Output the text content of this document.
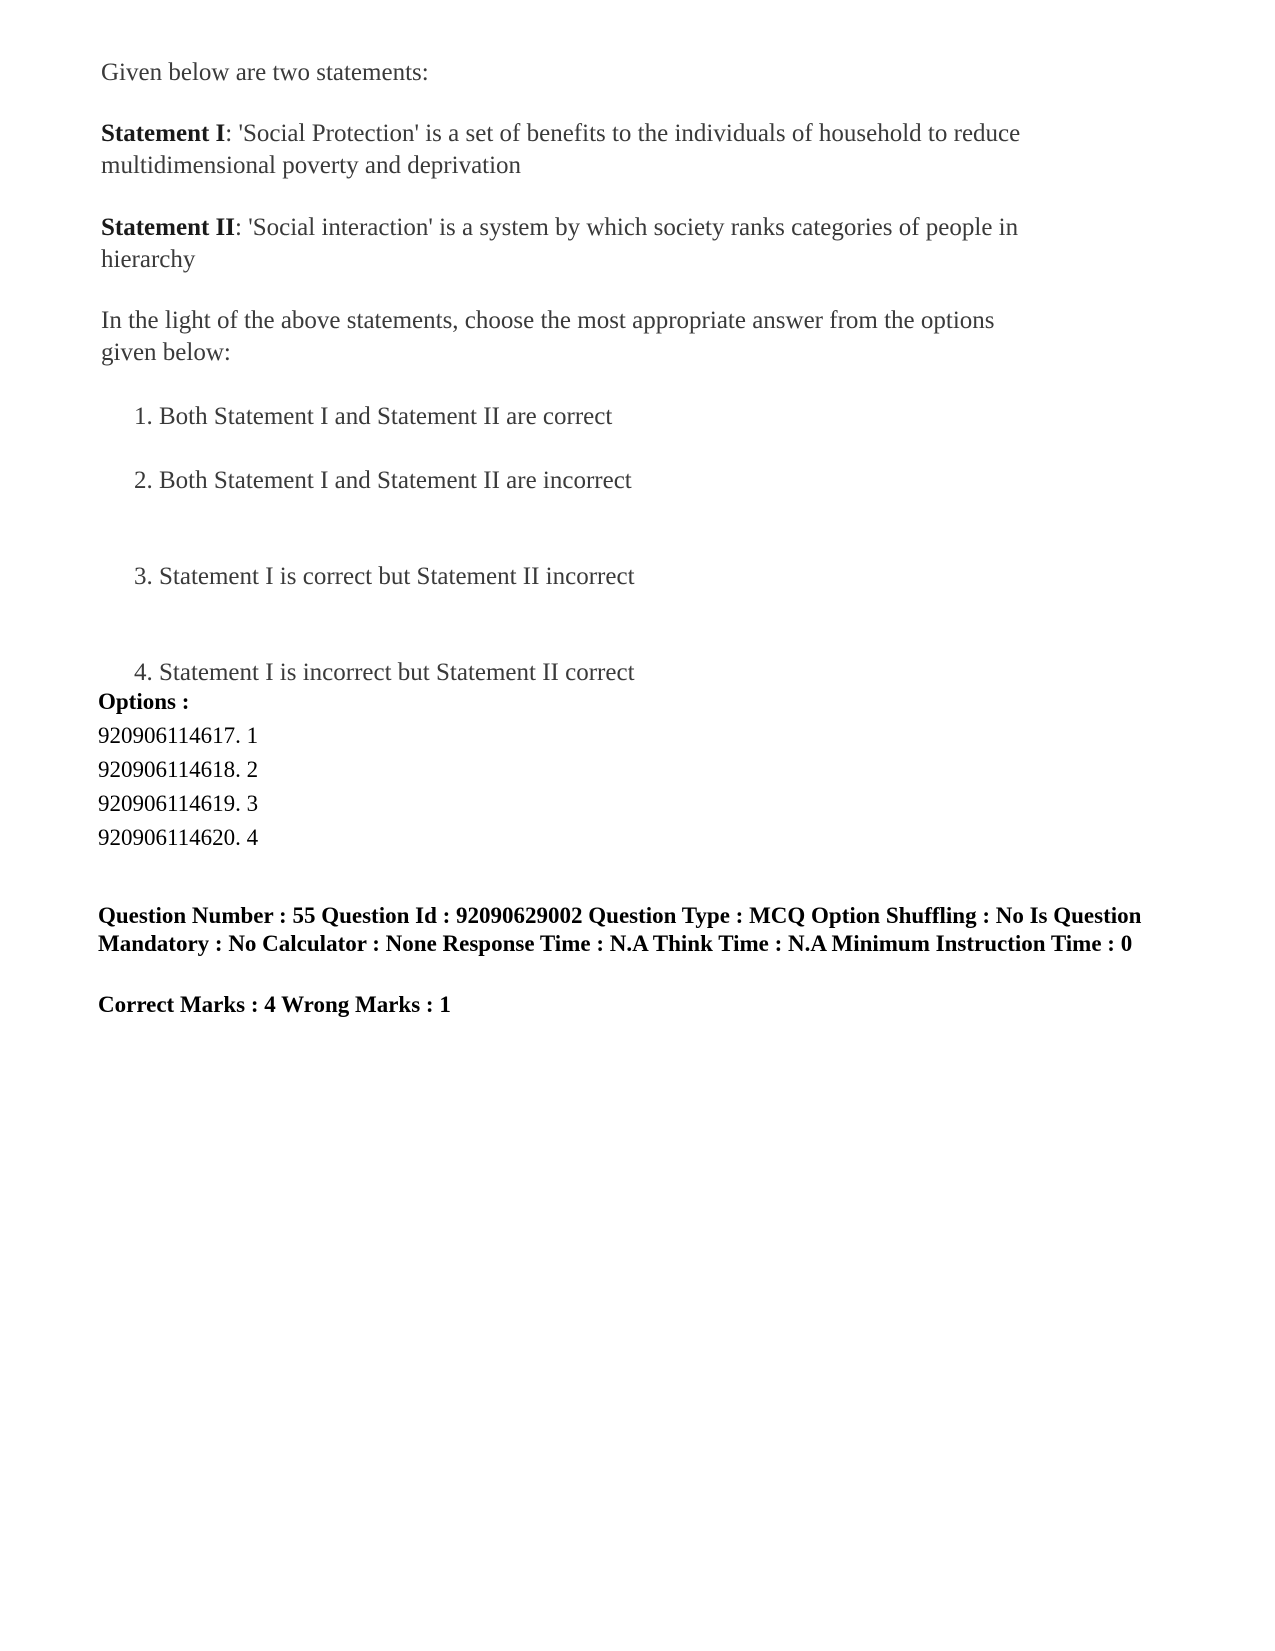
Given below are two statements:

Statement I: 'Social Protection' is a set of benefits to the individuals of household to reduce multidimensional poverty and deprivation

Statement II: 'Social interaction' is a system by which society ranks categories of people in hierarchy

In the light of the above statements, choose the most appropriate answer from the options given below:

1. Both Statement I and Statement II are correct
2. Both Statement I and Statement II are incorrect
3. Statement I is correct but Statement II incorrect
4. Statement I is incorrect but Statement II correct
Options :
920906114617. 1
920906114618. 2
920906114619. 3
920906114620. 4
Question Number : 55 Question Id : 92090629002 Question Type : MCQ Option Shuffling : No Is Question Mandatory : No Calculator : None Response Time : N.A Think Time : N.A Minimum Instruction Time : 0
Correct Marks : 4 Wrong Marks : 1
